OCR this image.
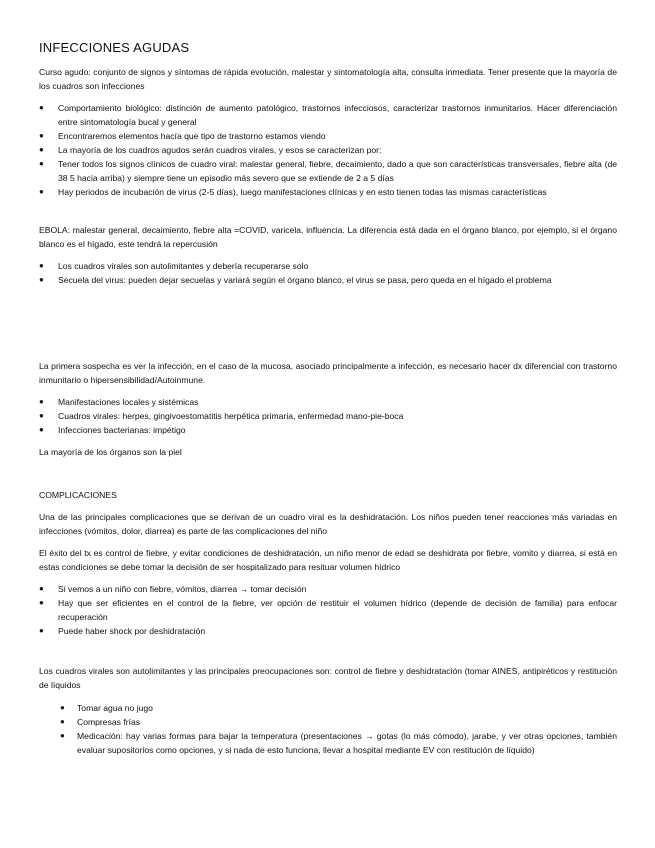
INFECCIONES AGUDAS

Curso agudo: conjunto de signos y síntomas de rápida evolución, malestar y sintomatología alta, consulta inmediata. Tener presente que la mayoría de los cuadros son infecciones

● Comportamiento biológico: distinción de aumento patológico, trastornos infecciosos, caracterizar trastornos inmunitarios. Hacer diferenciación entre sintomatología bucal y general
● Encontraremos elementos hacía que tipo de trastorno estamos viendo
● La mayoría de los cuadros agudos serán cuadros virales, y esos se caracterizan por:
● Tener todos los signos clínicos de cuadro viral: malestar general, fiebre, decaimiento, dado a que son características transversales, fiebre alta (de 38 5 hacia arriba) y siempre tiene un episodio más severo que se extiende de 2 a 5 días
● Hay periodos de incubación de virus (2-5 días), luego manifestaciones clínicas y en esto tienen todas las mismas características

EBOLA: malestar general, decaimiento, fiebre alta =COVID, varicela, influencia. La diferencia está dada en el órgano blanco, por ejemplo, si el órgano blanco es el hígado, este tendrá la repercusión

● Los cuadros virales son autolimitantes y debería recuperarse solo
● Secuela del virus: pueden dejar secuelas y variará según el órgano blanco, el virus se pasa, pero queda en el hígado el problema

La primera sospecha es ver la infección, en el caso de la mucosa, asociado principalmente a infección, es necesario hacer dx diferencial con trastorno inmunitario o hipersensibilidad/Autoinmune.

● Manifestaciones locales y sistémicas
● Cuadros virales: herpes, gingivoestomatitis herpética primaria, enfermedad mano-pie-boca
● Infecciones bacterianas: impétigo

La mayoría de los órganos son la piel

COMPLICACIONES

Una de las principales complicaciones que se derivan de un cuadro viral es la deshidratación. Los niños pueden tener reacciones más variadas en infecciones (vómitos, dolor, diarrea) es parte de las complicaciones del niño

El éxito del tx es control de fiebre, y evitar condiciones de deshidratación, un niño menor de edad se deshidrata por fiebre, vomito y diarrea, si está en estas condiciones se debe tomar la decisión de ser hospitalizado para resituar volumen hídrico

● Si vemos a un niño con fiebre, vómitos, diarrea → tomar decisión
● Hay que ser eficientes en el control de la fiebre, ver opción de restituir el volumen hídrico (depende de decisión de familia) para enfocar recuperación
● Puede haber shock por deshidratación

Los cuadros virales son autolimitantes y las principales preocupaciones son: control de fiebre y deshidratación (tomar AINES, antipiréticos y restitución de líquidos

● Tomar agua no jugo
● Compresas frías
● Medicación: hay varias formas para bajar la temperatura (presentaciones → gotas (lo más cómodo), jarabe, y ver otras opciones, también evaluar supositorios como opciones, y si nada de esto funciona, llevar a hospital mediante EV con restitución de líquido)
